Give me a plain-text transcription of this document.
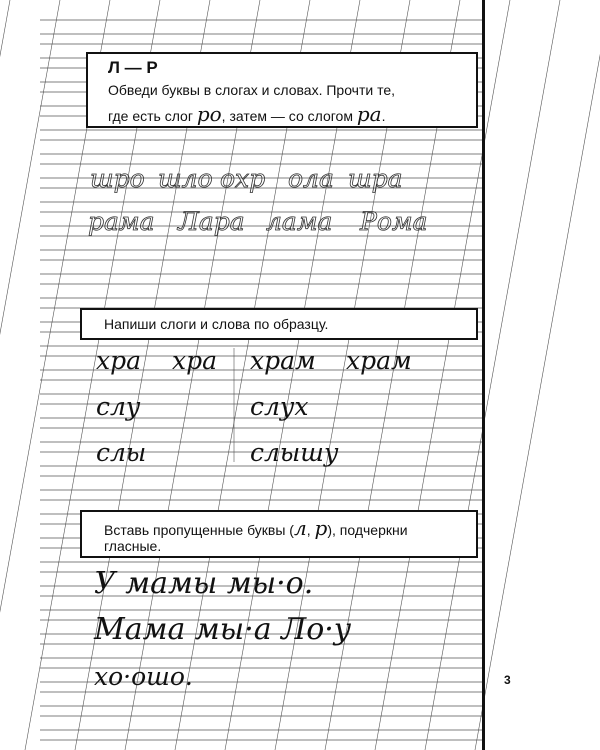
Л — Р
Обведи буквы в слогах и словах. Прочти те,
где есть слог ро, затем — со слогом ра.
шро шло охр ола шра
рама Лара лама Рома
Напиши слоги и слова по образцу.
хра хра храм храм
слу	слух
слы	слышу
Вставь пропущенные буквы (л, р), подчеркни
гласные.
У мамы мы·о.
Мама мы·а Ло·у
хо·ошо.	3
